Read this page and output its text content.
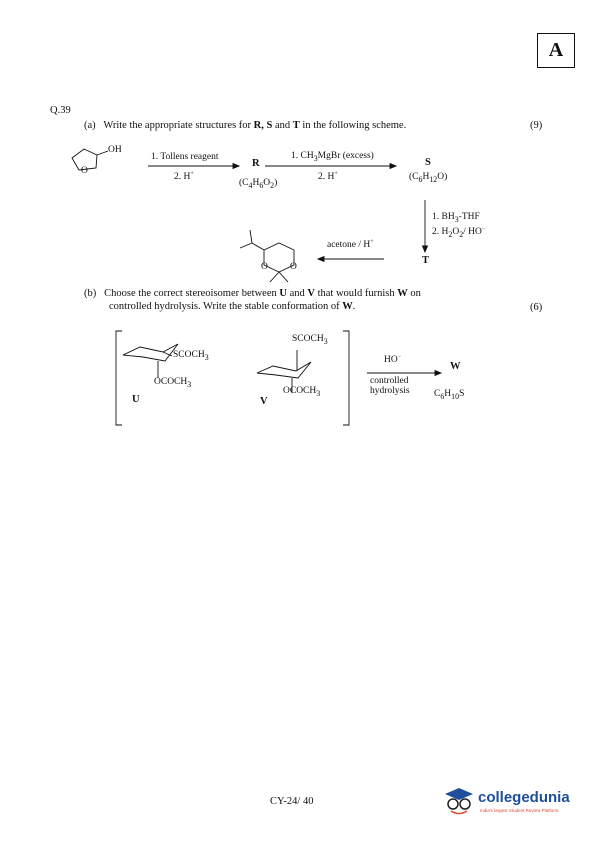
A
Q.39
(a) Write the appropriate structures for R, S and T in the following scheme.	(9)
OH
O
1. Tollens reagent
2. H+
R
$(C_4H_6O_2)$
1. $CH_3MgBr$ (excess)
2. H+
S
$(C_6H_{12}O)$
1. $BH_3$-THF
2. $H_2O_2/$ HO−
T
acetone / H+
O O
(b) Choose the correct stereoisomer between U and V that would furnish W on
controlled hydrolysis. Write the stable conformation of W.	(6)
$SCOCH_3$
$OCOCH_3$
U
$SCOCH_3$
$OCOCH_3$
V
HO−
controlled
hydrolysis
W
$C_6H_{10}S$
CY-24/ 40	collegedunia
India's largest Student Review Platform
